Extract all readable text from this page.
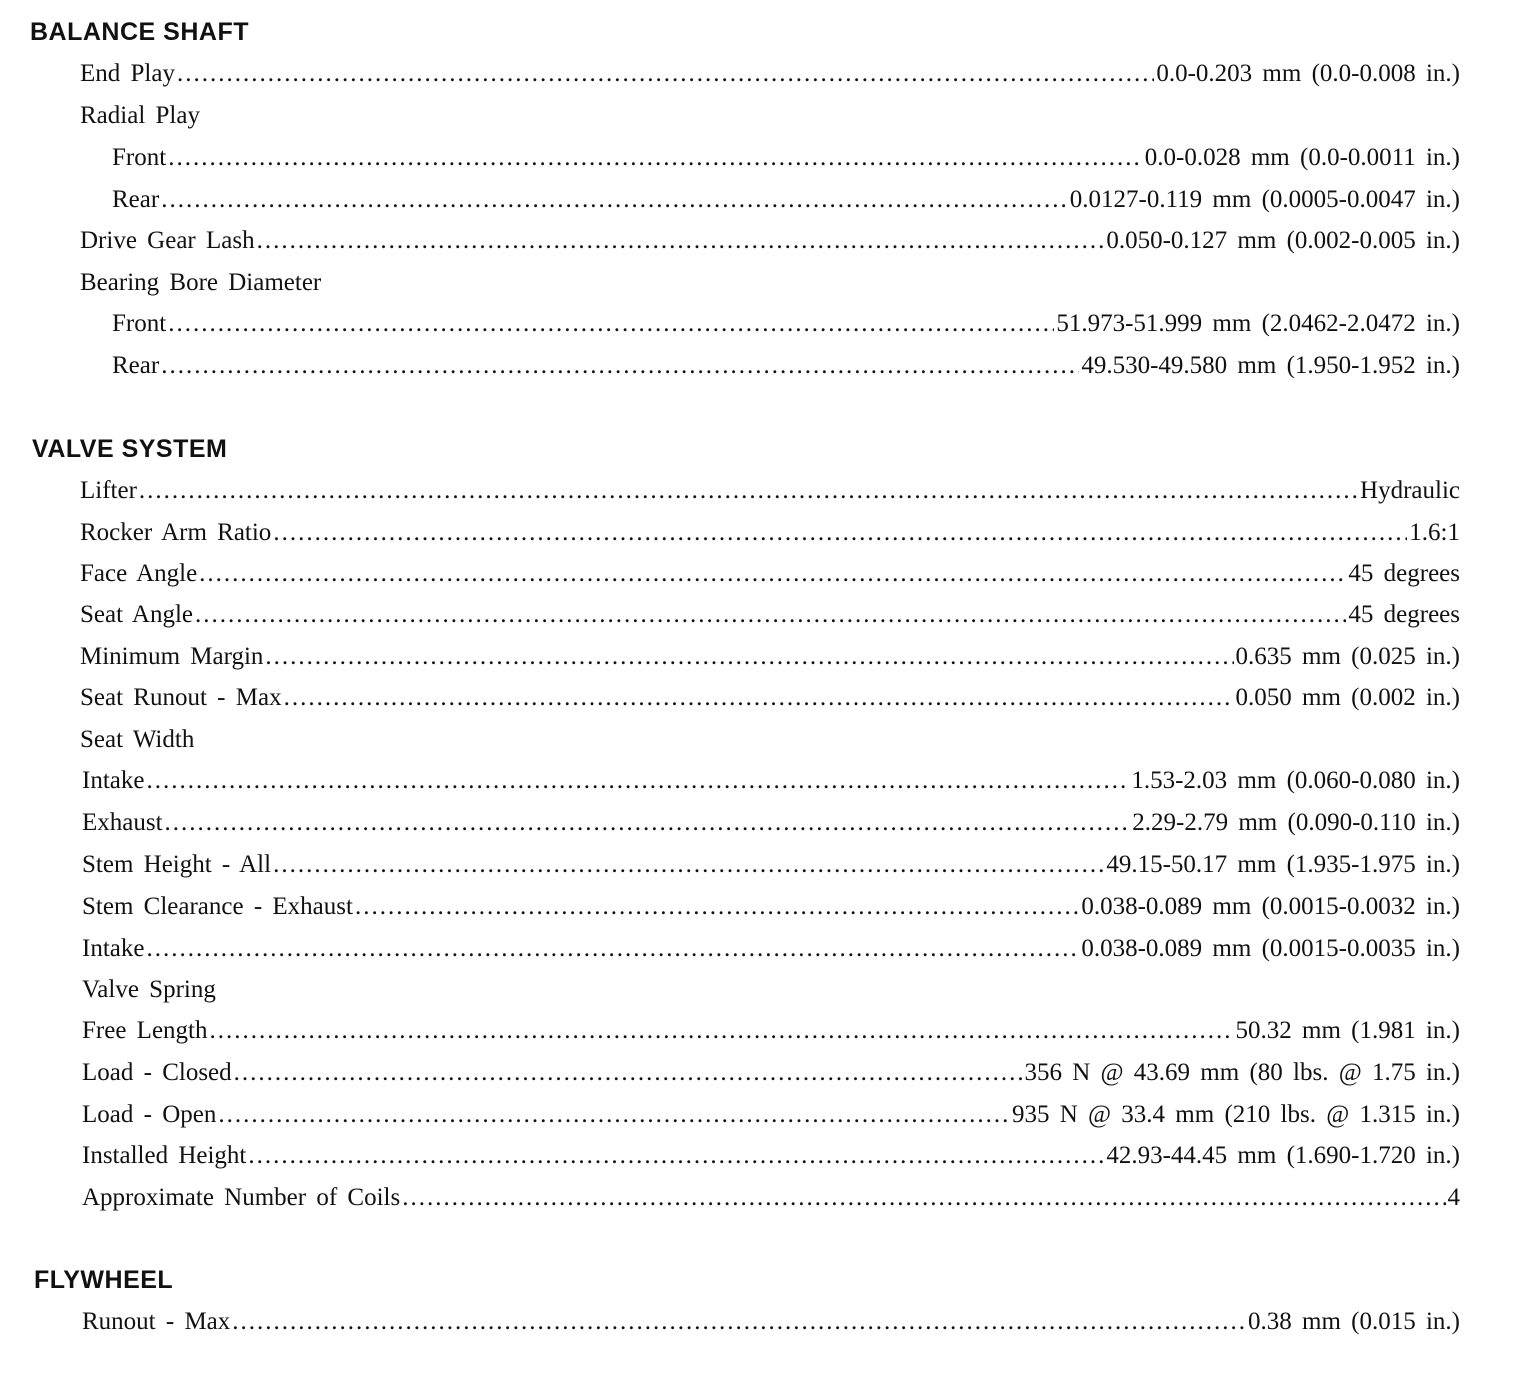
BALANCE SHAFT
End Play .....	0.0-0.203 mm (0.0-0.008 in.)
Radial Play
Front .....	0.0-0.028 mm (0.0-0.0011 in.)
Rear .....	0.0127-0.119 mm (0.0005-0.0047 in.)
Drive Gear Lash .....	0.050-0.127 mm (0.002-0.005 in.)
Bearing Bore Diameter
Front .....	51.973-51.999 mm (2.0462-2.0472 in.)
Rear .....	49.530-49.580 mm (1.950-1.952 in.)
VALVE SYSTEM
Lifter .....	Hydraulic
Rocker Arm Ratio .....	1.6:1
Face Angle .....	45 degrees
Seat Angle .....	45 degrees
Minimum Margin .....	0.635 mm (0.025 in.)
Seat Runout - Max .....	0.050 mm (0.002 in.)
Seat Width
Intake .....	1.53-2.03 mm (0.060-0.080 in.)
Exhaust .....	2.29-2.79 mm (0.090-0.110 in.)
Stem Height - All .....	49.15-50.17 mm (1.935-1.975 in.)
Stem Clearance - Exhaust .....	0.038-0.089 mm (0.0015-0.0032 in.)
Intake .....	0.038-0.089 mm (0.0015-0.0035 in.)
Valve Spring
Free Length .....	50.32 mm (1.981 in.)
Load - Closed .....	356 N @ 43.69 mm (80 lbs. @ 1.75 in.)
Load - Open .....	935 N @ 33.4 mm (210 lbs. @ 1.315 in.)
Installed Height .....	42.93-44.45 mm (1.690-1.720 in.)
Approximate Number of Coils .....	4
FLYWHEEL
Runout - Max .....	0.38 mm (0.015 in.)
